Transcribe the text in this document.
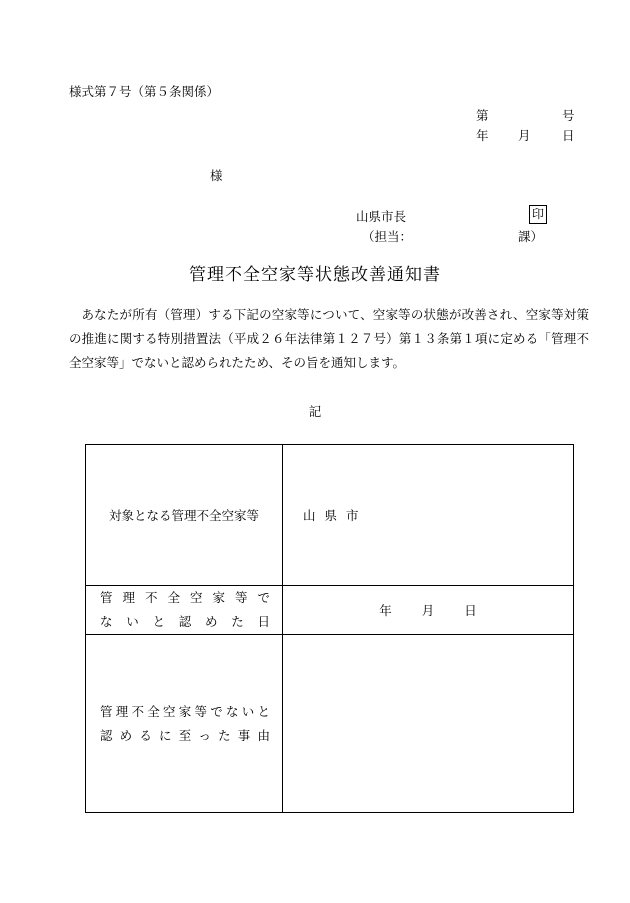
様式第７号（第５条関係）
第	号
年 月	日
様
山県市長	印
（担当：	課）
管理不全空家等状態改善通知書
あなたが所有（管理）する下記の空家等について、空家等の状態が改善され、空家等対策の推進に関する特別措置法（平成２６年法律第１２７号）第１３条第１項に定める「管理不全空家等」でないと認められたため、その旨を通知します。
記
対象となる管理不全空家等	山県市

管理不全空家等で
ないと認めた日	年 月 日

管理不全空家等でないと
認めるに至った事由	
